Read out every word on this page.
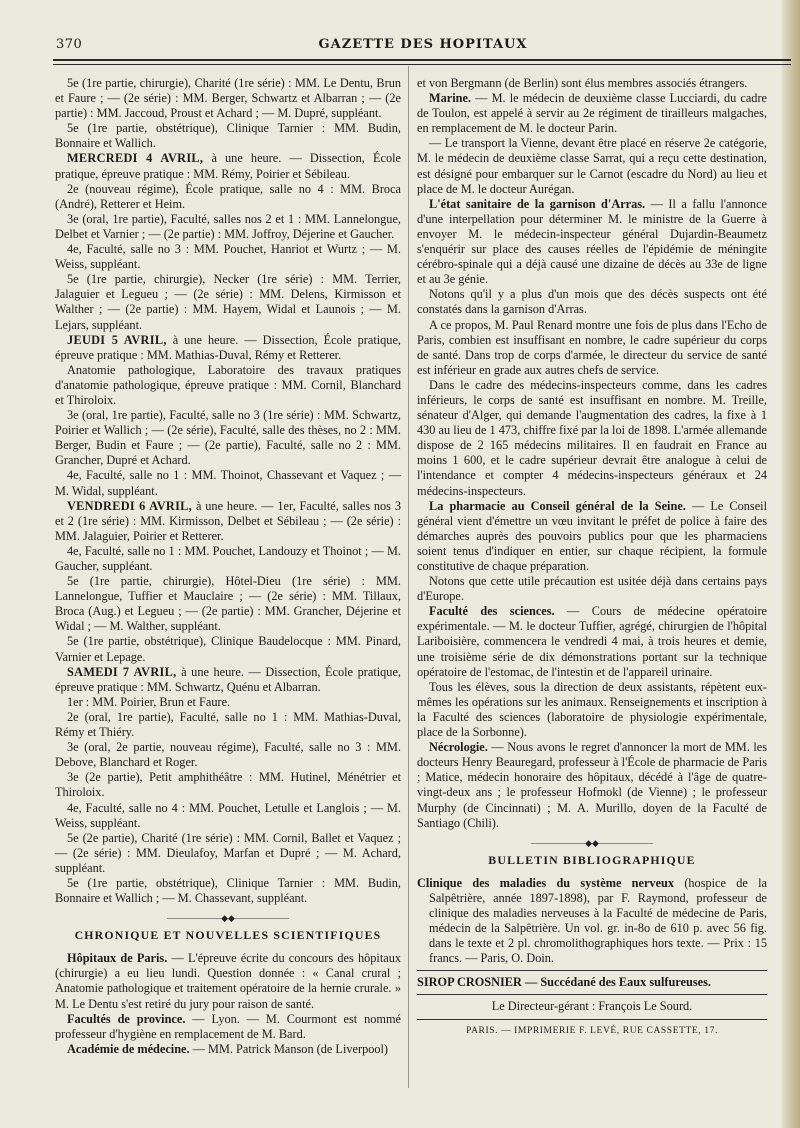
370	GAZETTE DES HOPITAUX

5e (1re partie, chirurgie), Charité (1re série) : MM. Le Dentu, Brun et Faure ; — (2e série) : MM. Berger, Schwartz et Albarran ; — (2e partie) : MM. Jaccoud, Proust et Achard ; — M. Dupré, suppléant.

5e (1re partie, obstétrique), Clinique Tarnier : MM. Budin, Bonnaire et Wallich.

MERCREDI 4 AVRIL, à une heure. — Dissection, École pratique, épreuve pratique : MM. Rémy, Poirier et Sébileau.

2e (nouveau régime), École pratique, salle no 4 : MM. Broca (André), Retterer et Heim.

3e (oral, 1re partie), Faculté, salles nos 2 et 1 : MM. Lannelongue, Delbet et Varnier ; — (2e partie) : MM. Joffroy, Déjerine et Gaucher.

4e, Faculté, salle no 3 : MM. Pouchet, Hanriot et Wurtz ; — M. Weiss, suppléant.

5e (1re partie, chirurgie), Necker (1re série) : MM. Terrier, Jalaguier et Legueu ; — (2e série) : MM. Delens, Kirmisson et Walther ; — (2e partie) : MM. Hayem, Widal et Launois ; — M. Lejars, suppléant.

JEUDI 5 AVRIL, à une heure. — Dissection, École pratique, épreuve pratique : MM. Mathias-Duval, Rémy et Retterer.

Anatomie pathologique, Laboratoire des travaux pratiques d'anatomie pathologique, épreuve pratique : MM. Cornil, Blanchard et Thiroloix.

3e (oral, 1re partie), Faculté, salle no 3 (1re série) : MM. Schwartz, Poirier et Wallich ; — (2e série), Faculté, salle des thèses, no 2 : MM. Berger, Budin et Faure ; — (2e partie), Faculté, salle no 2 : MM. Grancher, Dupré et Achard.

4e, Faculté, salle no 1 : MM. Thoinot, Chassevant et Vaquez ; — M. Widal, suppléant.

VENDREDI 6 AVRIL, à une heure. — 1er, Faculté, salles nos 3 et 2 (1re série) : MM. Kirmisson, Delbet et Sébileau ; — (2e série) : MM. Jalaguier, Poirier et Retterer.

4e, Faculté, salle no 1 : MM. Pouchet, Landouzy et Thoinot ; — M. Gaucher, suppléant.

5e (1re partie, chirurgie), Hôtel-Dieu (1re série) : MM. Lannelongue, Tuffier et Mauclaire ; — (2e série) : MM. Tillaux, Broca (Aug.) et Legueu ; — (2e partie) : MM. Grancher, Déjerine et Widal ; — M. Walther, suppléant.

5e (1re partie, obstétrique), Clinique Baudelocque : MM. Pinard, Varnier et Lepage.

SAMEDI 7 AVRIL, à une heure. — Dissection, École pratique, épreuve pratique : MM. Schwartz, Quénu et Albarran.

1er : MM. Poirier, Brun et Faure.

2e (oral, 1re partie), Faculté, salle no 1 : MM. Mathias-Duval, Rémy et Thiéry.

3e (oral, 2e partie, nouveau régime), Faculté, salle no 3 : MM. Debove, Blanchard et Roger.

3e (2e partie), Petit amphithéâtre : MM. Hutinel, Ménétrier et Thiroloix.

4e, Faculté, salle no 4 : MM. Pouchet, Letulle et Langlois ; — M. Weiss, suppléant.

5e (2e partie), Charité (1re série) : MM. Cornil, Ballet et Vaquez ; — (2e série) : MM. Dieulafoy, Marfan et Dupré ; — M. Achard, suppléant.

5e (1re partie, obstétrique), Clinique Tarnier : MM. Budin, Bonnaire et Wallich ; — M. Chassevant, suppléant.

——————◆◆——————
CHRONIQUE ET NOUVELLES SCIENTIFIQUES

Hôpitaux de Paris. — L'épreuve écrite du concours des hôpitaux (chirurgie) a eu lieu lundi. Question donnée : « Canal crural ; Anatomie pathologique et traitement opératoire de la hernie crurale. » M. Le Dentu s'est retiré du jury pour raison de santé.

Facultés de province. — Lyon. — M. Courmont est nommé professeur d'hygiène en remplacement de M. Bard.

Académie de médecine. — MM. Patrick Manson (de Liverpool)

et von Bergmann (de Berlin) sont élus membres associés étrangers.

Marine. — M. le médecin de deuxième classe Lucciardi, du cadre de Toulon, est appelé à servir au 2e régiment de tirailleurs malgaches, en remplacement de M. le docteur Parin.

— Le transport la Vienne, devant être placé en réserve 2e catégorie, M. le médecin de deuxième classe Sarrat, qui a reçu cette destination, est désigné pour embarquer sur le Carnot (escadre du Nord) au lieu et place de M. le docteur Aurégan.

L'état sanitaire de la garnison d'Arras. — Il a fallu l'annonce d'une interpellation pour déterminer M. le ministre de la Guerre à envoyer M. le médecin-inspecteur général Dujardin-Beaumetz s'enquérir sur place des causes réelles de l'épidémie de méningite cérébro-spinale qui a déjà causé une dizaine de décès au 33e de ligne et au 3e génie.

Notons qu'il y a plus d'un mois que des décès suspects ont été constatés dans la garnison d'Arras.

A ce propos, M. Paul Renard montre une fois de plus dans l'Echo de Paris, combien est insuffisant en nombre, le cadre supérieur du corps de santé. Dans trop de corps d'armée, le directeur du service de santé est inférieur en grade aux autres chefs de service.

Dans le cadre des médecins-inspecteurs comme, dans les cadres inférieurs, le corps de santé est insuffisant en nombre. M. Treille, sénateur d'Alger, qui demande l'augmentation des cadres, la fixe à 1 430 au lieu de 1 473, chiffre fixé par la loi de 1898. L'armée allemande dispose de 2 165 médecins militaires. Il en faudrait en France au moins 1 600, et le cadre supérieur devrait être analogue à celui de l'intendance et compter 4 médecins-inspecteurs généraux et 24 médecins-inspecteurs.

La pharmacie au Conseil général de la Seine. — Le Conseil général vient d'émettre un vœu invitant le préfet de police à faire des démarches auprès des pouvoirs publics pour que les pharmaciens soient tenus d'indiquer en entier, sur chaque récipient, la formule constitutive de chaque préparation.

Notons que cette utile précaution est usitée déjà dans certains pays d'Europe.

Faculté des sciences. — Cours de médecine opératoire expérimentale. — M. le docteur Tuffier, agrégé, chirurgien de l'hôpital Lariboisière, commencera le vendredi 4 mai, à trois heures et demie, une troisième série de dix démonstrations portant sur la technique opératoire de l'estomac, de l'intestin et de l'appareil urinaire.

Tous les élèves, sous la direction de deux assistants, répètent eux-mêmes les opérations sur les animaux. Renseignements et inscription à la Faculté des sciences (laboratoire de physiologie expérimentale, place de la Sorbonne).

Nécrologie. — Nous avons le regret d'annoncer la mort de MM. les docteurs Henry Beauregard, professeur à l'École de pharmacie de Paris ; Matice, médecin honoraire des hôpitaux, décédé à l'âge de quatre-vingt-deux ans ; le professeur Hofmokl (de Vienne) ; le professeur Murphy (de Cincinnati) ; M. A. Murillo, doyen de la Faculté de Santiago (Chili).

——————◆◆——————
BULLETIN BIBLIOGRAPHIQUE

Clinique des maladies du système nerveux (hospice de la Salpêtrière, année 1897-1898), par F. Raymond, professeur de clinique des maladies nerveuses à la Faculté de médecine de Paris, médecin de la Salpêtrière. Un vol. gr. in-8o de 610 p. avec 56 fig. dans le texte et 2 pl. chromolithographiques hors texte. — Prix : 15 francs. — Paris, O. Doin.

SIROP CROSNIER — Succédané des Eaux sulfureuses.

Le Directeur-gérant : François Le Sourd.

PARIS. — IMPRIMERIE F. LEVÉ, RUE CASSETTE, 17.
